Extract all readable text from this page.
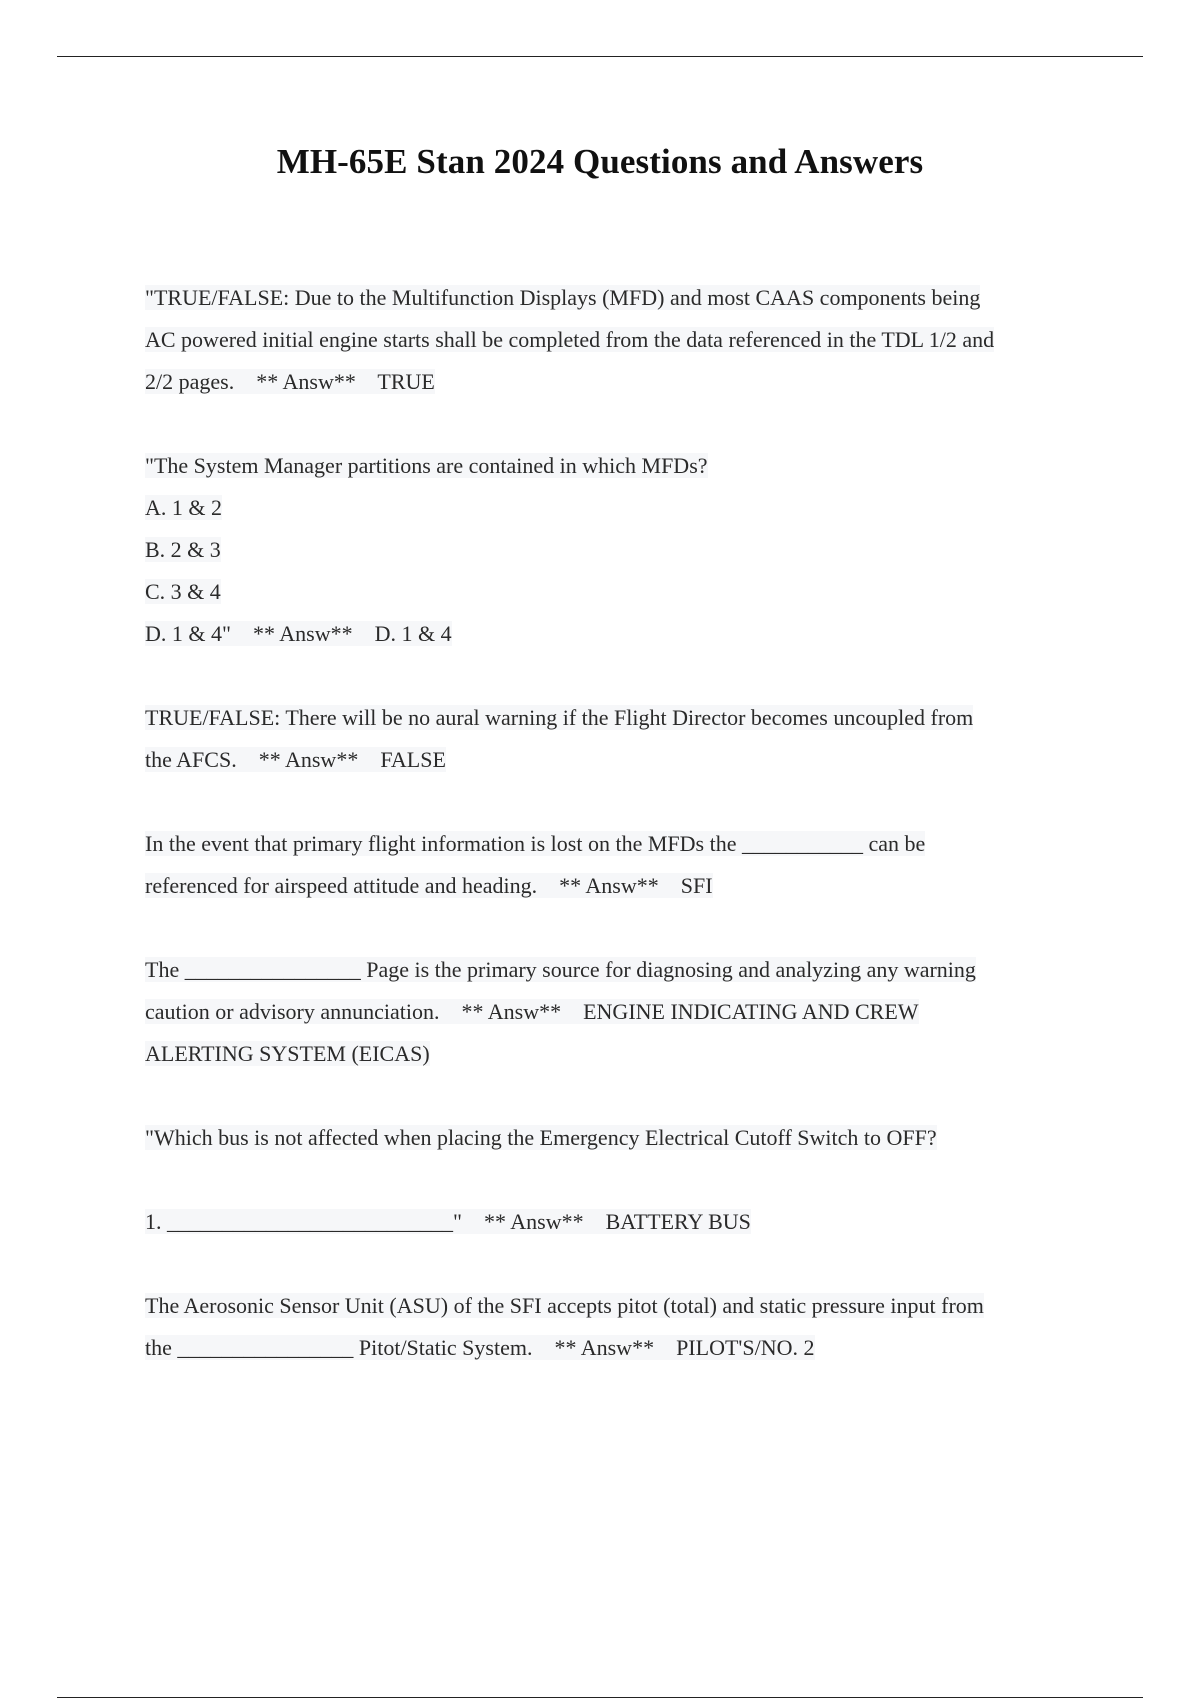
MH-65E Stan 2024 Questions and Answers
"TRUE/FALSE: Due to the Multifunction Displays (MFD) and most CAAS components being
AC powered initial engine starts shall be completed from the data referenced in the TDL 1/2 and
2/2 pages.    ** Answ**    TRUE
"The System Manager partitions are contained in which MFDs?
A. 1 & 2
B. 2 & 3
C. 3 & 4
D. 1 & 4"    ** Answ**    D. 1 & 4
TRUE/FALSE: There will be no aural warning if the Flight Director becomes uncoupled from
the AFCS.    ** Answ**    FALSE
In the event that primary flight information is lost on the MFDs the ___________ can be
referenced for airspeed attitude and heading.    ** Answ**    SFI
The ________________ Page is the primary source for diagnosing and analyzing any warning
caution or advisory annunciation.    ** Answ**    ENGINE INDICATING AND CREW
ALERTING SYSTEM (EICAS)
"Which bus is not affected when placing the Emergency Electrical Cutoff Switch to OFF?
1. __________________________"    ** Answ**    BATTERY BUS
The Aerosonic Sensor Unit (ASU) of the SFI accepts pitot (total) and static pressure input from
the ________________ Pitot/Static System.    ** Answ**    PILOT'S/NO. 2
